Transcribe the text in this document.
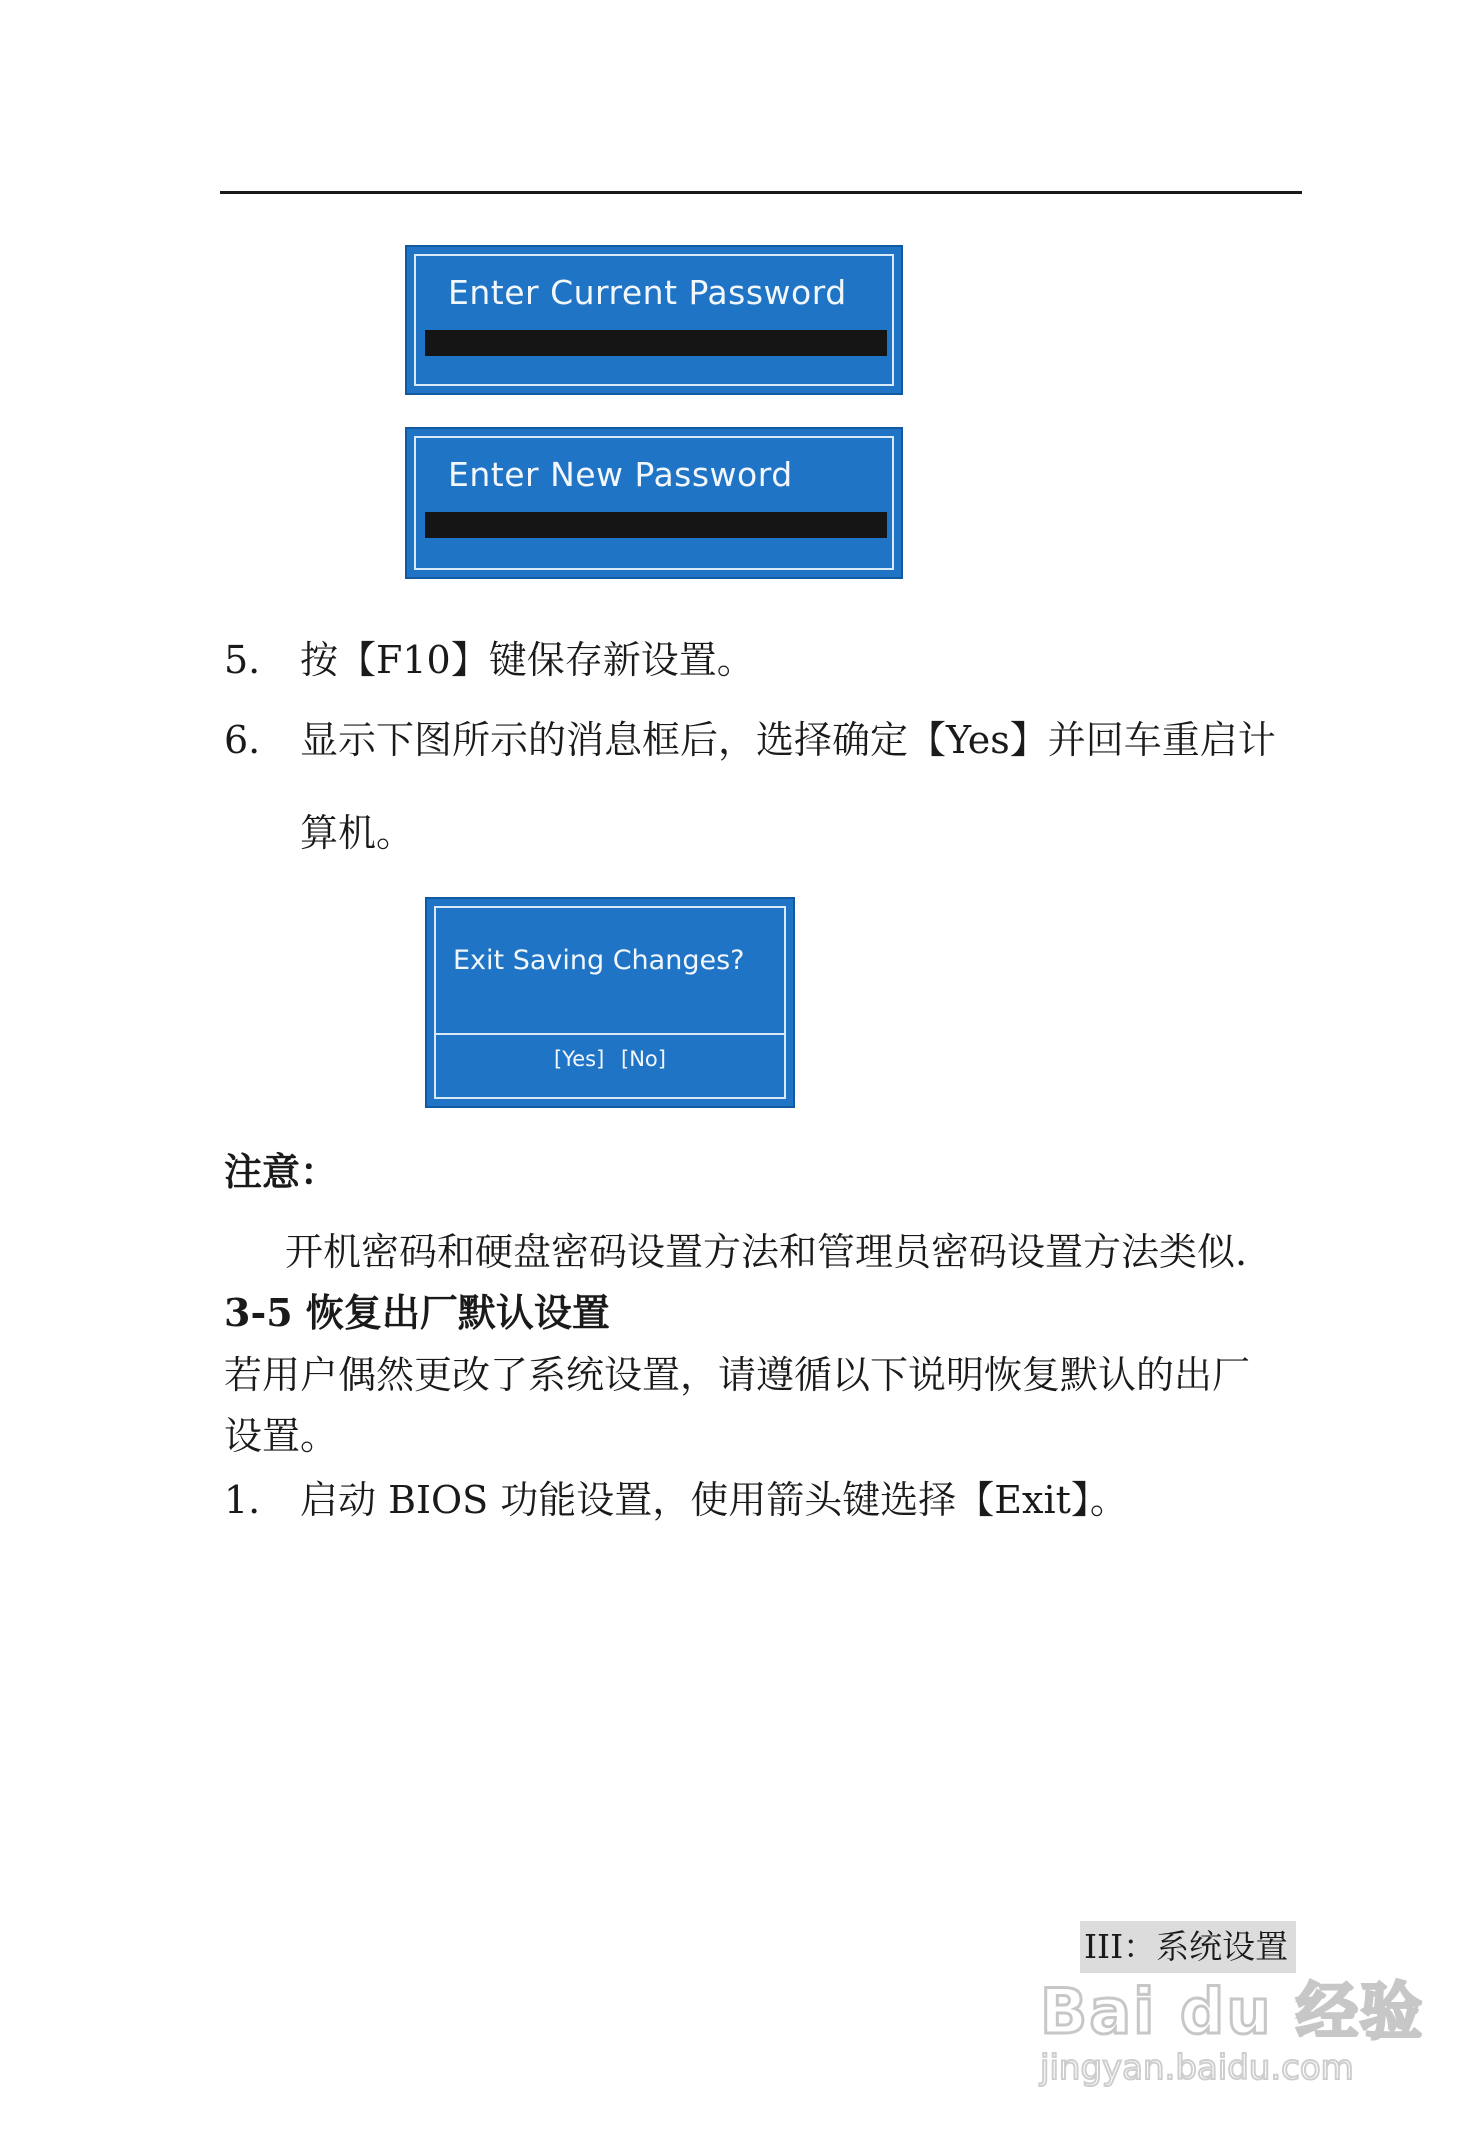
Enter Current Password
Enter New Password
5. 按【F10】键保存新设置。
6. 显示下图所示的消息框后，选择确定【Yes】并回车重启计
算机。
Exit Saving Changes?
[Yes] [No]
注意：
开机密码和硬盘密码设置方法和管理员密码设置方法类似.
3-5 恢复出厂默认设置
若用户偶然更改了系统设置，请遵循以下说明恢复默认的出厂
设置。
1. 启动 BIOS 功能设置，使用箭头键选择【Exit】。
III：系统设置
Bai du 经验
jingyan.baidu.com
